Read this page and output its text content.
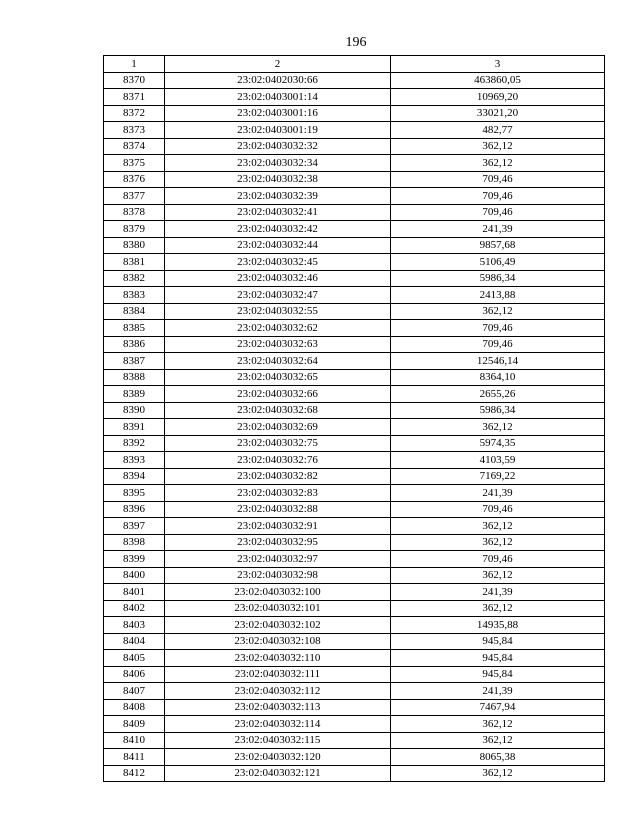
196
1	2	3
8370	23:02:0402030:66	463860,05
8371	23:02:0403001:14	10969,20
8372	23:02:0403001:16	33021,20
8373	23:02:0403001:19	482,77
8374	23:02:0403032:32	362,12
8375	23:02:0403032:34	362,12
8376	23:02:0403032:38	709,46
8377	23:02:0403032:39	709,46
8378	23:02:0403032:41	709,46
8379	23:02:0403032:42	241,39
8380	23:02:0403032:44	9857,68
8381	23:02:0403032:45	5106,49
8382	23:02:0403032:46	5986,34
8383	23:02:0403032:47	2413,88
8384	23:02:0403032:55	362,12
8385	23:02:0403032:62	709,46
8386	23:02:0403032:63	709,46
8387	23:02:0403032:64	12546,14
8388	23:02:0403032:65	8364,10
8389	23:02:0403032:66	2655,26
8390	23:02:0403032:68	5986,34
8391	23:02:0403032:69	362,12
8392	23:02:0403032:75	5974,35
8393	23:02:0403032:76	4103,59
8394	23:02:0403032:82	7169,22
8395	23:02:0403032:83	241,39
8396	23:02:0403032:88	709,46
8397	23:02:0403032:91	362,12
8398	23:02:0403032:95	362,12
8399	23:02:0403032:97	709,46
8400	23:02:0403032:98	362,12
8401	23:02:0403032:100	241,39
8402	23:02:0403032:101	362,12
8403	23:02:0403032:102	14935,88
8404	23:02:0403032:108	945,84
8405	23:02:0403032:110	945,84
8406	23:02:0403032:111	945,84
8407	23:02:0403032:112	241,39
8408	23:02:0403032:113	7467,94
8409	23:02:0403032:114	362,12
8410	23:02:0403032:115	362,12
8411	23:02:0403032:120	8065,38
8412	23:02:0403032:121	362,12
